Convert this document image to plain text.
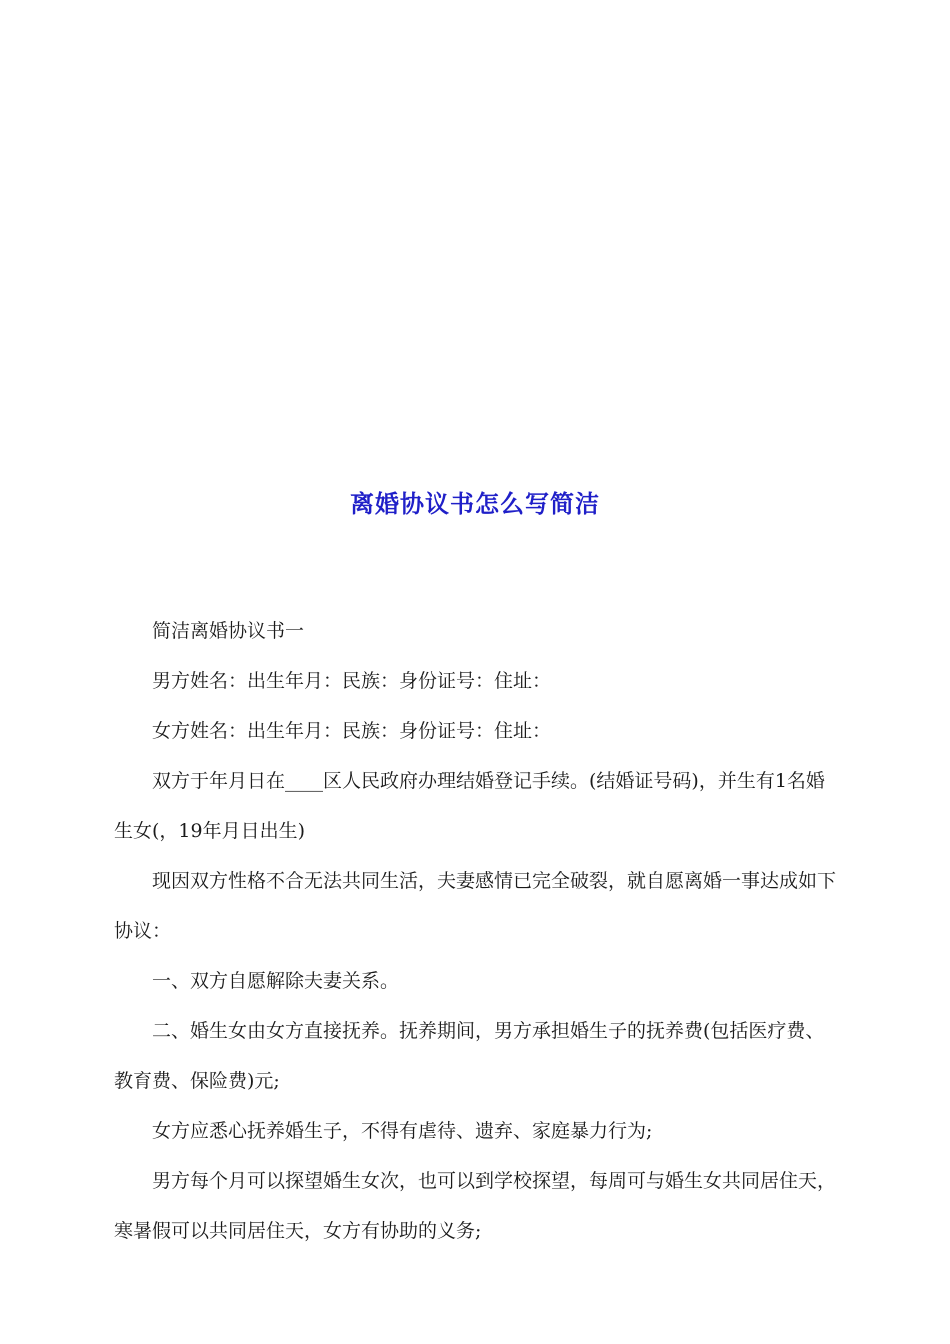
离婚协议书怎么写简洁

简洁离婚协议书一

男方姓名：出生年月：民族：身份证号：住址：

女方姓名：出生年月：民族：身份证号：住址：

双方于年月日在____区人民政府办理结婚登记手续。(结婚证号码)，并生有1名婚生女(，19年月日出生)

现因双方性格不合无法共同生活，夫妻感情已完全破裂，就自愿离婚一事达成如下协议：

一、双方自愿解除夫妻关系。

二、婚生女由女方直接抚养。抚养期间，男方承担婚生子的抚养费(包括医疗费、教育费、保险费)元;

女方应悉心抚养婚生子，不得有虐待、遗弃、家庭暴力行为;

男方每个月可以探望婚生女次，也可以到学校探望，每周可与婚生女共同居住天，寒暑假可以共同居住天，女方有协助的义务;
